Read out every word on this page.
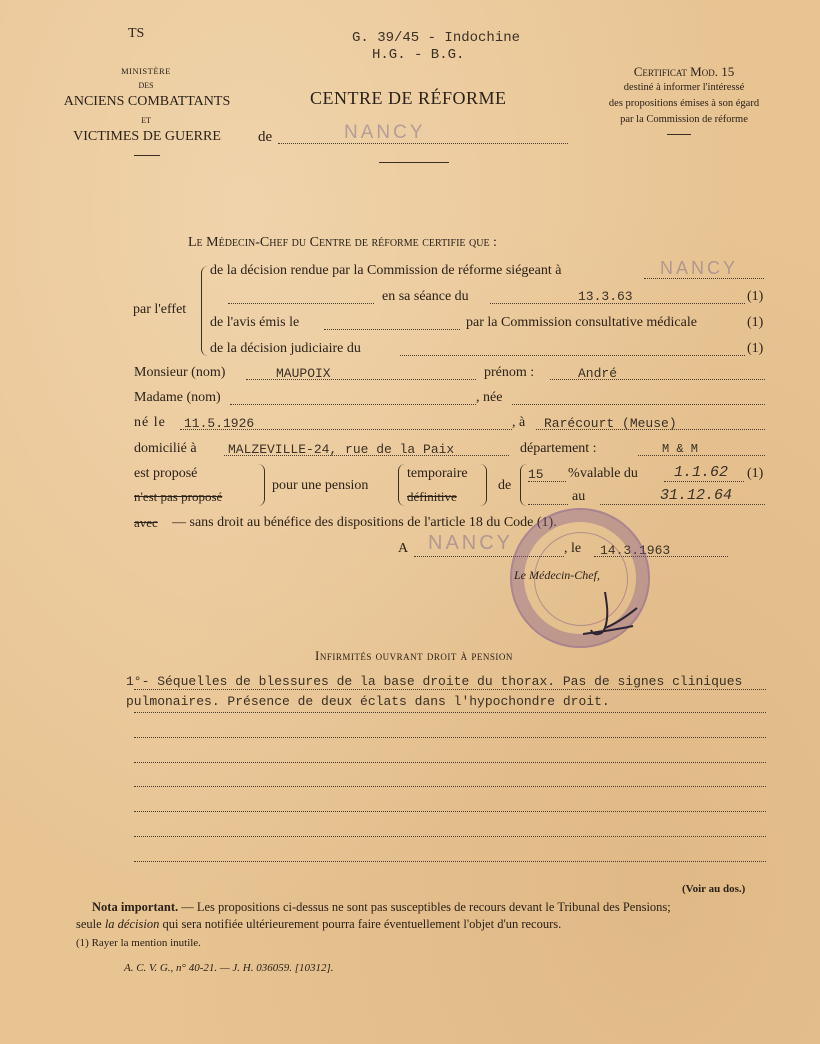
TS	G. 39/45 - Indochine
H.G. - B.G.
MINISTÈRE
DES
ANCIENS COMBATTANTS
ET
VICTIMES DE GUERRE
CENTRE DE RÉFORME
de	NANCY
Certificat Mod. 15
destiné à informer l'intéressé
des propositions émises à son égard
par la Commission de réforme
Le Médecin-Chef du Centre de réforme certifie que :
par l'effet
de la décision rendue par la Commission de réforme siégeant à	NANCY
en sa séance du	13.3.63	(1)
de l'avis émis le	par la Commission consultative médicale	(1)
de la décision judiciaire du	(1)
Monsieur (nom)	MAUPOIX	prénom :	André
Madame (nom)	, née
né le 11.5.1926	, à Rarécourt (Meuse)
domicilié à MALZEVILLE-24, rue de la Paix	département :	M & M
est proposé
n'est pas proposé
pour une pension
temporaire
définitive
de
15 % valable du 1.1.62 (1)
au	31.12.64
avec — sans droit au bénéfice des dispositions de l'article 18 du Code (1).
A NANCY	, le 14.3.1963
Le Médecin-Chef,
Infirmités ouvrant droit à pension
1°- Séquelles de blessures de la base droite du thorax. Pas de signes cliniques
pulmonaires. Présence de deux éclats dans l'hypochondre droit.
(Voir au dos.)
Nota important. — Les propositions ci-dessus ne sont pas susceptibles de recours devant le Tribunal des Pensions;
seule la décision qui sera notifiée ultérieurement pourra faire éventuellement l'objet d'un recours.
(1) Rayer la mention inutile.
A. C. V. G., n° 40-21. — J. H. 036059. [10312].
